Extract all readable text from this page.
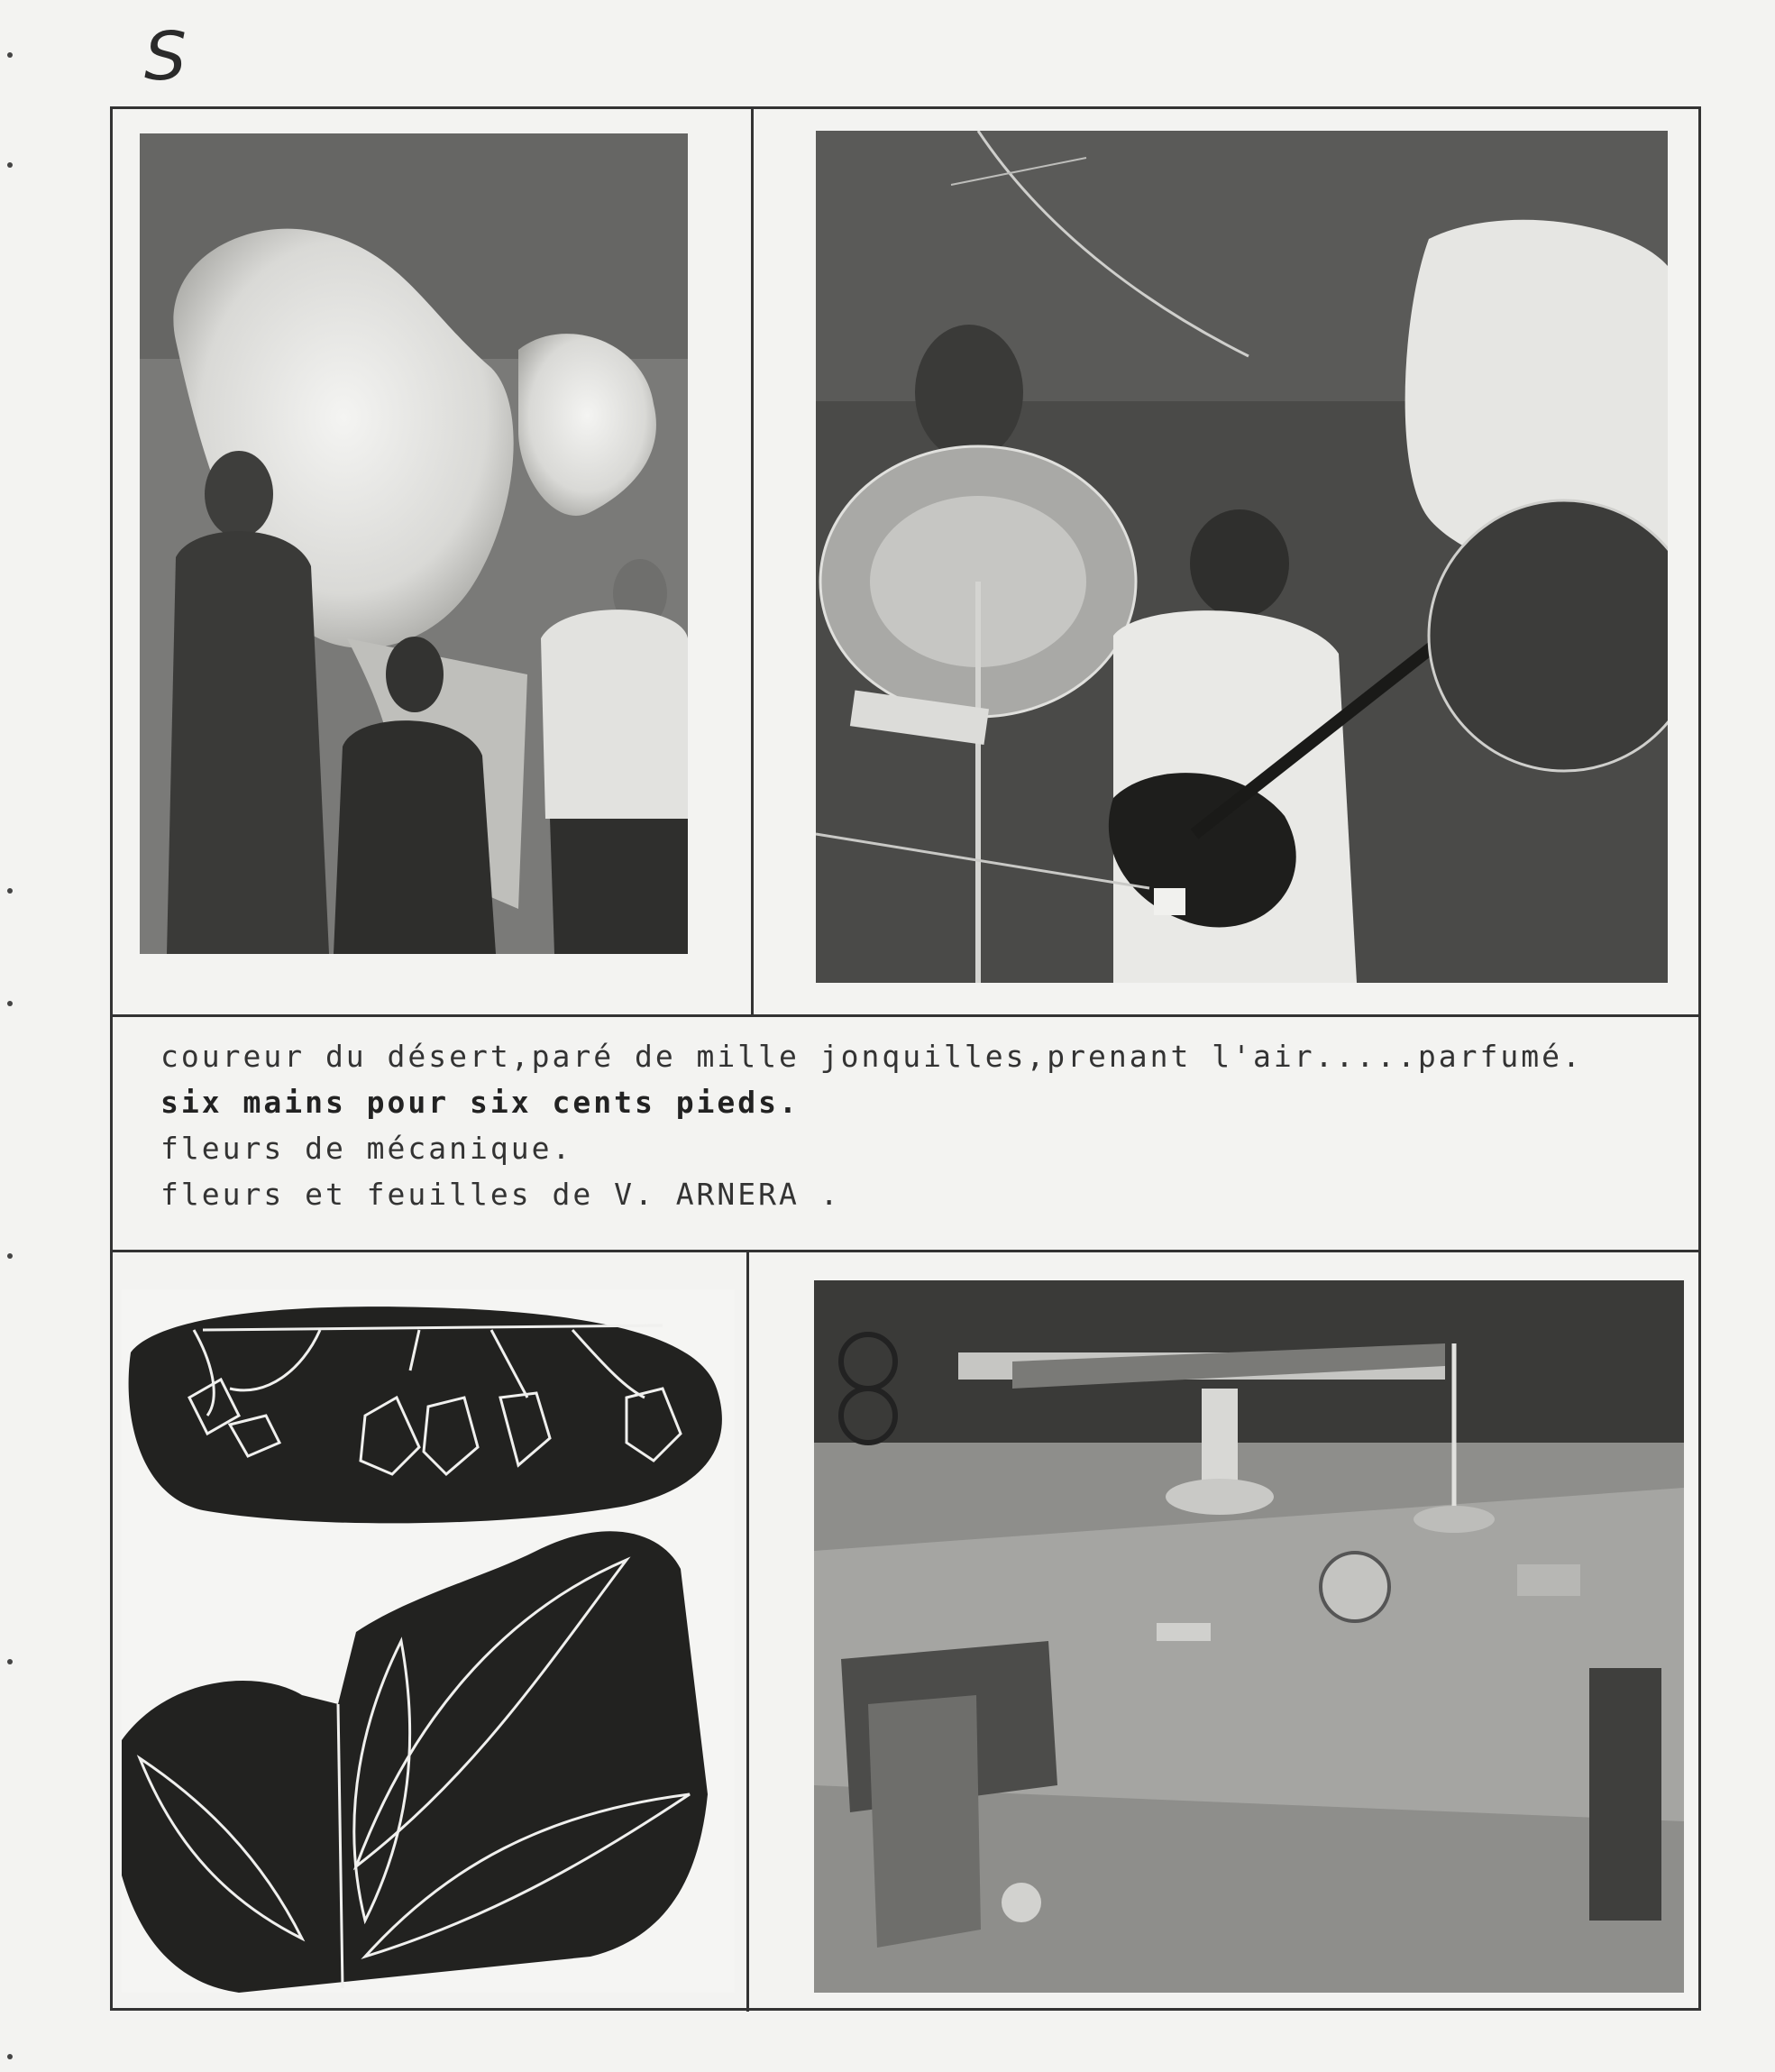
S
coureur du désert,paré de mille jonquilles,prenant l'air.....parfumé.
six mains pour six cents pieds.
fleurs de mécanique.
fleurs et feuilles de V. ARNERA .
